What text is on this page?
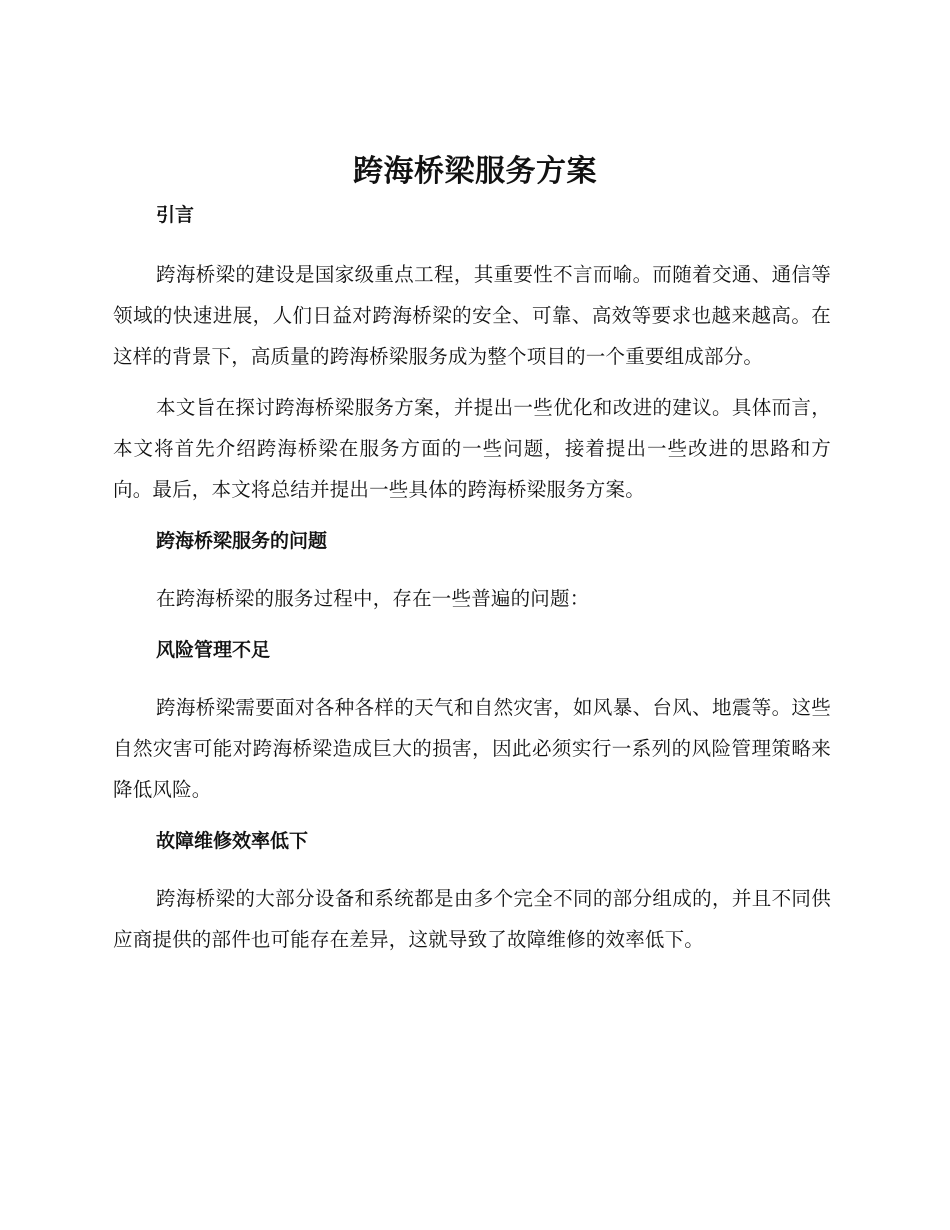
跨海桥梁服务方案
引言

跨海桥梁的建设是国家级重点工程，其重要性不言而喻。而随着交通、通信等领域的快速进展，人们日益对跨海桥梁的安全、可靠、高效等要求也越来越高。在这样的背景下，高质量的跨海桥梁服务成为整个项目的一个重要组成部分。

本文旨在探讨跨海桥梁服务方案，并提出一些优化和改进的建议。具体而言，本文将首先介绍跨海桥梁在服务方面的一些问题，接着提出一些改进的思路和方向。最后，本文将总结并提出一些具体的跨海桥梁服务方案。

跨海桥梁服务的问题

在跨海桥梁的服务过程中，存在一些普遍的问题：

风险管理不足

跨海桥梁需要面对各种各样的天气和自然灾害，如风暴、台风、地震等。这些自然灾害可能对跨海桥梁造成巨大的损害，因此必须实行一系列的风险管理策略来降低风险。

故障维修效率低下

跨海桥梁的大部分设备和系统都是由多个完全不同的部分组成的，并且不同供应商提供的部件也可能存在差异，这就导致了故障维修的效率低下。
